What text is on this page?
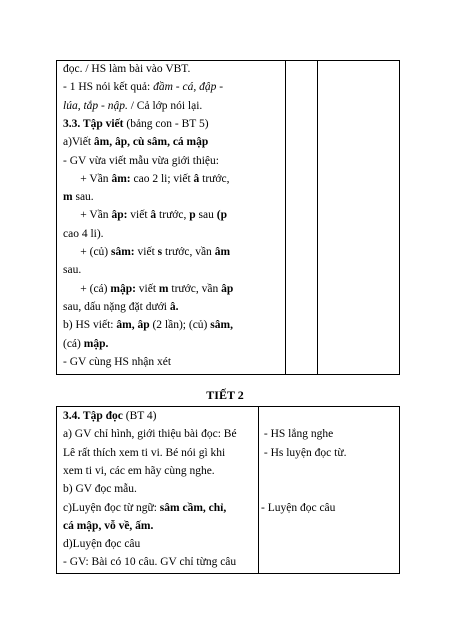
đọc. / HS làm bài vào VBT.
- 1 HS nói kết quả: đầm - cá, đập -
lúa, tắp - nập. / Cả lớp nói lại.
3.3. Tập viết (bảng con - BT 5)
a)Viết âm, âp, cù sâm, cá mập
- GV vừa viết mẫu vừa giới thiệu:
+ Vần âm: cao 2 li; viết â trước,
m sau.
+ Vần âp: viết â trước, p sau (p
cao 4 li).
+ (củ) sâm: viết s trước, vần âm
sau.
+ (cá) mập: viết m trước, vần âp
sau, dấu nặng đặt dưới â.
b) HS viết: âm, âp (2 lần); (củ) sâm,
(cá) mập.
- GV cùng HS nhận xét
TIẾT 2
3.4. Tập đọc (BT 4)
a) GV chỉ hình, giới thiệu bài đọc: Bé
Lê rất thích xem ti vi. Bé nói gì khi
xem ti vi, các em hãy cùng nghe.
b) GV đọc mẫu.
c)Luyện đọc từ ngữ: sâm cầm, chỉ,
cá mập, vỗ về, ấm.
d)Luyện đọc câu
- GV: Bài có 10 câu. GV chỉ từng câu
- HS lắng nghe
- Hs luyện đọc từ.
- Luyện đọc câu
